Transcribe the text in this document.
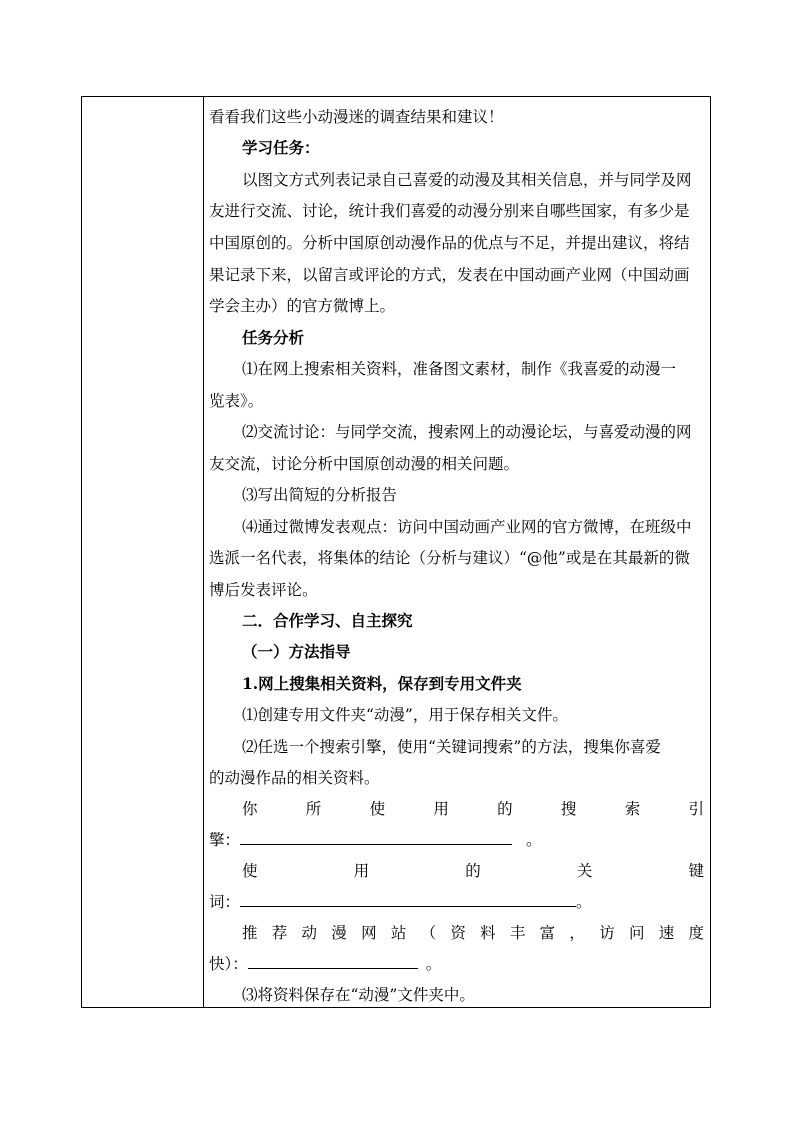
看看我们这些小动漫迷的调查结果和建议！
学习任务：
以图文方式列表记录自己喜爱的动漫及其相关信息，并与同学及网
友进行交流、讨论，统计我们喜爱的动漫分别来自哪些国家，有多少是
中国原创的。分析中国原创动漫作品的优点与不足，并提出建议，将结
果记录下来，以留言或评论的方式，发表在中国动画产业网（中国动画
学会主办）的官方微博上。
任务分析
⑴在网上搜索相关资料，准备图文素材，制作《我喜爱的动漫一
览表》。
⑵交流讨论：与同学交流，搜索网上的动漫论坛，与喜爱动漫的网
友交流，讨论分析中国原创动漫的相关问题。
⑶写出简短的分析报告
⑷通过微博发表观点：访问中国动画产业网的官方微博，在班级中
选派一名代表，将集体的结论（分析与建议）“@他”或是在其最新的微
博后发表评论。
二．合作学习、自主探究
（一）方法指导
1.网上搜集相关资料，保存到专用文件夹
⑴创建专用文件夹“动漫”，用于保存相关文件。
⑵任选一个搜索引擎，使用“关键词搜索”的方法，搜集你喜爱
的动漫作品的相关资料。
你	所	使	用	的	搜	索	引
擎：	。
使	用	的	关	键
词：	。
推 荐 动 漫 网 站 （ 资 料 丰 富 ， 访 问 速 度
快）：	。
⑶将资料保存在“动漫”文件夹中。
